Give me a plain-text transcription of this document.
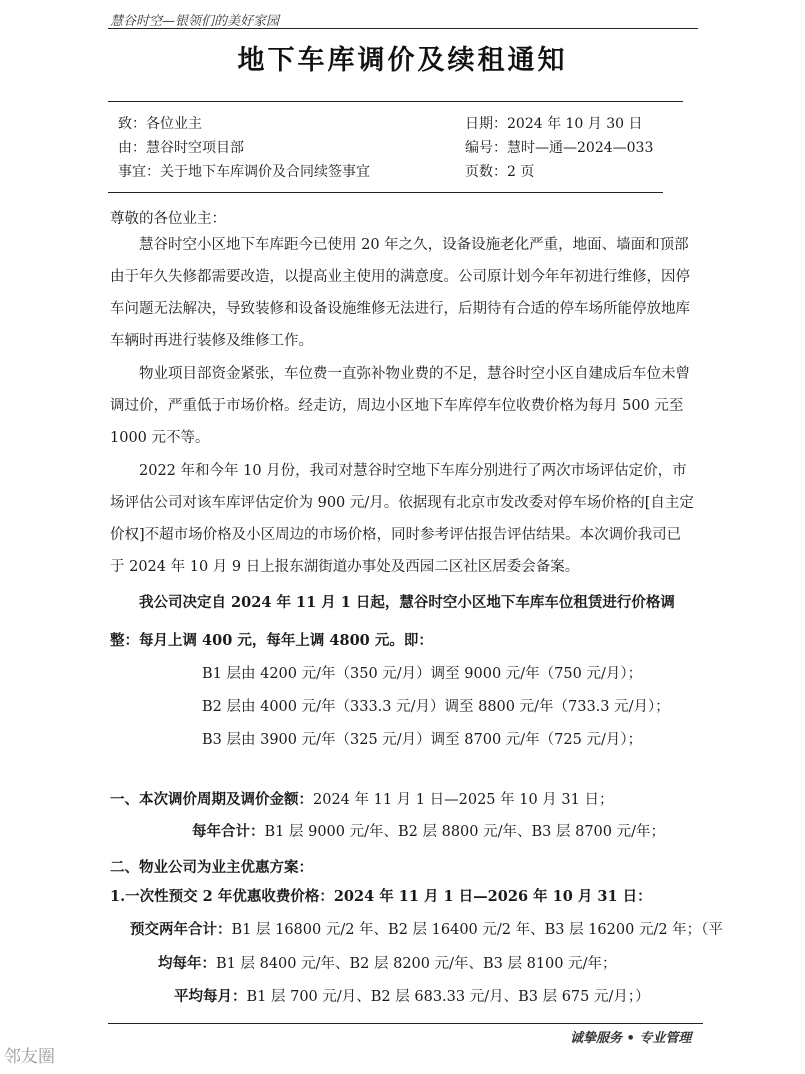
慧谷时空—银领们的美好家园
地下车库调价及续租通知
致：各位业主
由：慧谷时空项目部
事宜：关于地下车库调价及合同续签事宜
日期：2024 年 10 月 30 日
编号：慧时—通—2024—033
页数：2 页
尊敬的各位业主：

慧谷时空小区地下车库距今已使用 20 年之久，设备设施老化严重，地面、墙面和顶部由于年久失修都需要改造，以提高业主使用的满意度。公司原计划今年年初进行维修，因停车问题无法解决，导致装修和设备设施维修无法进行，后期待有合适的停车场所能停放地库车辆时再进行装修及维修工作。

物业项目部资金紧张，车位费一直弥补物业费的不足，慧谷时空小区自建成后车位未曾调过价，严重低于市场价格。经走访，周边小区地下车库停车位收费价格为每月 500 元至 1000 元不等。

2022 年和今年 10 月份，我司对慧谷时空地下车库分别进行了两次市场评估定价，市场评估公司对该车库评估定价为 900 元/月。依据现有北京市发改委对停车场价格的[自主定价权]不超市场价格及小区周边的市场价格，同时参考评估报告评估结果。本次调价我司已于 2024 年 10 月 9 日上报东湖街道办事处及西园二区社区居委会备案。

我公司决定自 2024 年 11 月 1 日起，慧谷时空小区地下车库车位租赁进行价格调整：每月上调 400 元，每年上调 4800 元。即：

B1 层由 4200 元/年（350 元/月）调至 9000 元/年（750 元/月）；
B2 层由 4000 元/年（333.3 元/月）调至 8800 元/年（733.3 元/月）；
B3 层由 3900 元/年（325 元/月）调至 8700 元/年（725 元/月）；
一、本次调价周期及调价金额：2024 年 11 月 1 日—2025 年 10 月 31 日；
每年合计：B1 层 9000 元/年、B2 层 8800 元/年、B3 层 8700 元/年；
二、物业公司为业主优惠方案：
1.一次性预交 2 年优惠收费价格：2024 年 11 月 1 日—2026 年 10 月 31 日：
预交两年合计：B1 层 16800 元/2 年、B2 层 16400 元/2 年、B3 层 16200 元/2 年；（平
均每年：B1 层 8400 元/年、B2 层 8200 元/年、B3 层 8100 元/年；
平均每月：B1 层 700 元/月、B2 层 683.33 元/月、B3 层 675 元/月；）
诚挚服务 • 专业管理
邻友圈
